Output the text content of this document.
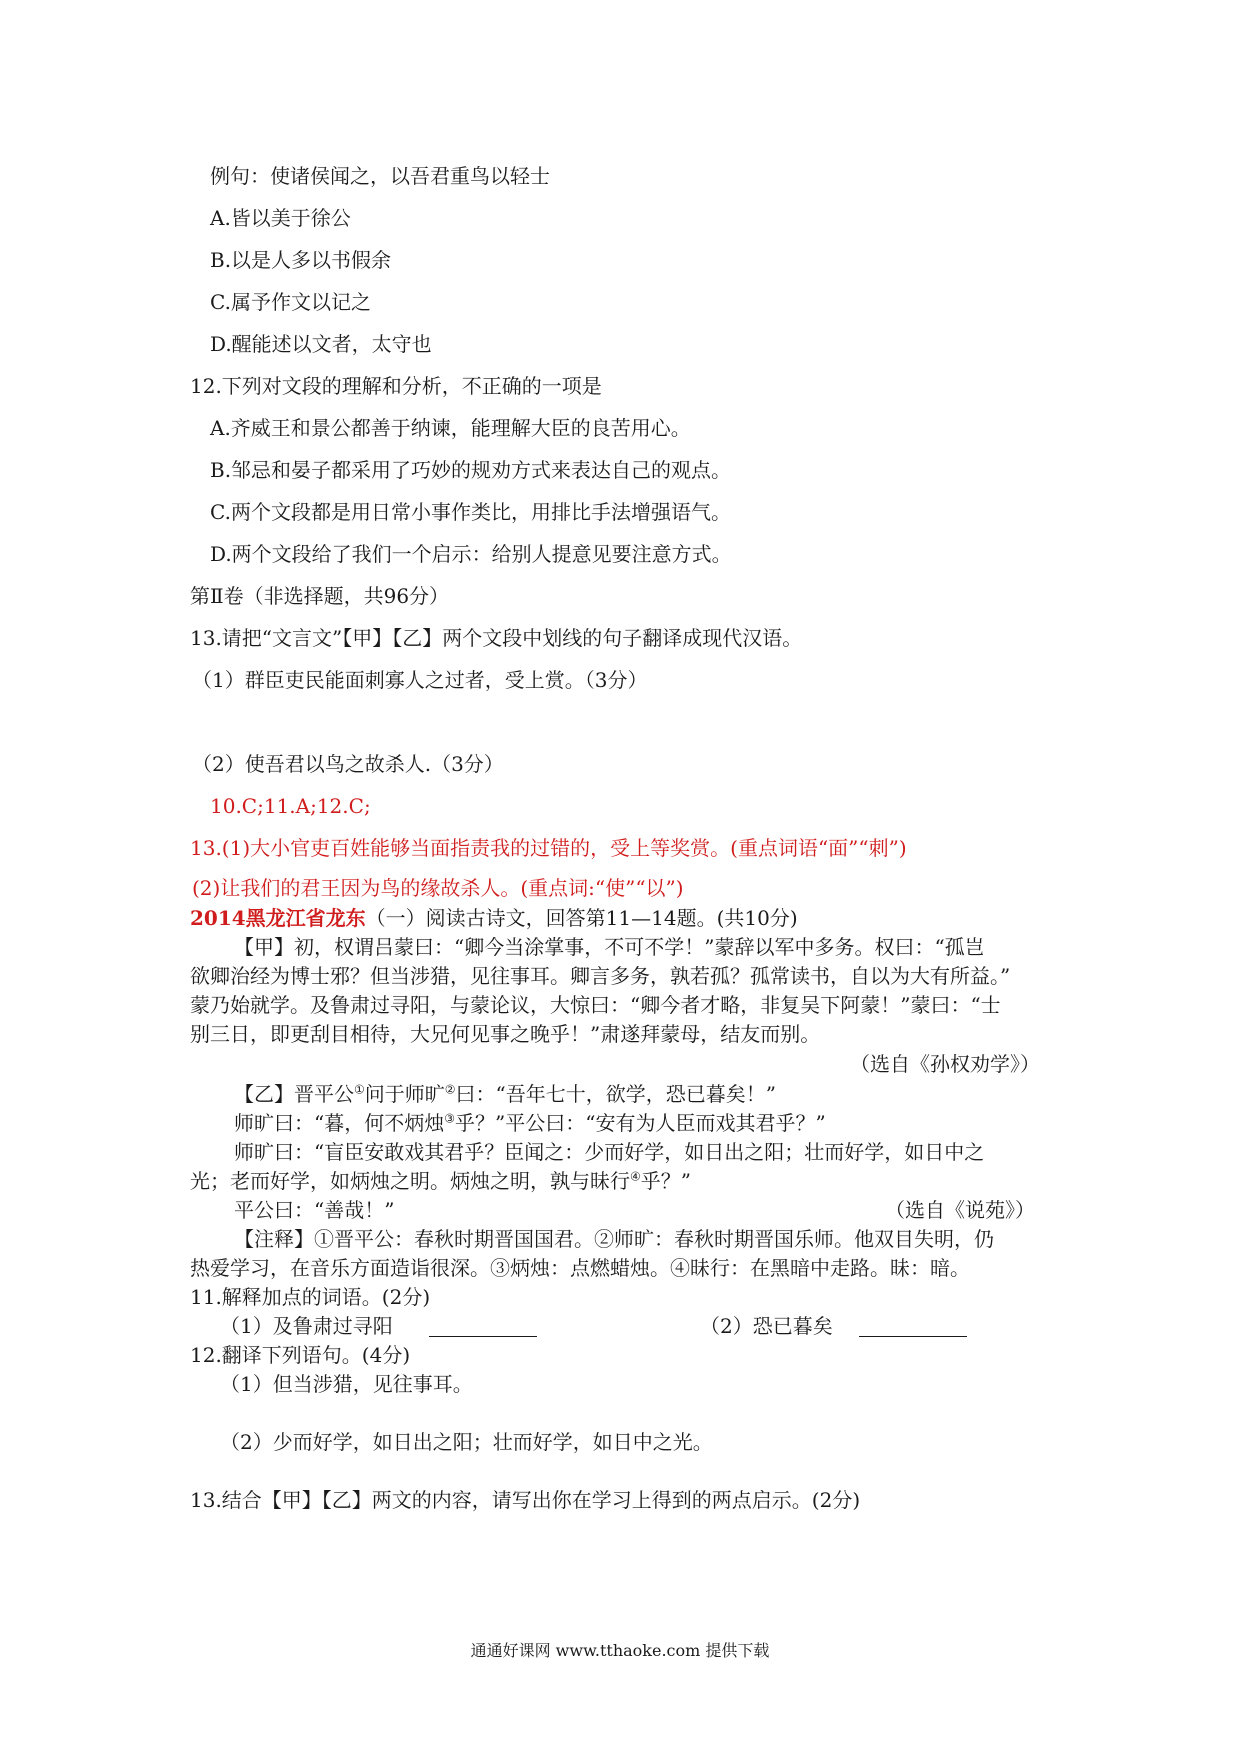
例句：使诸侯闻之，以吾君重鸟以轻士
A.皆以美于徐公
B.以是人多以书假余
C.属予作文以记之
D.醒能述以文者，太守也
12.下列对文段的理解和分析，不正确的一项是
A.齐威王和景公都善于纳谏，能理解大臣的良苦用心。
B.邹忌和晏子都采用了巧妙的规劝方式来表达自己的观点。
C.两个文段都是用日常小事作类比，用排比手法增强语气。
D.两个文段给了我们一个启示：给别人提意见要注意方式。
第Ⅱ卷（非选择题，共96分）
13.请把“文言文”【甲】【乙】两个文段中划线的句子翻译成现代汉语。
（1）群臣吏民能面刺寡人之过者，受上赏。（3分）
（2）使吾君以鸟之故杀人.（3分）
10.C;11.A;12.C;
13.(1)大小官吏百姓能够当面指责我的过错的，受上等奖赏。(重点词语“面”“刺”)
(2)让我们的君王因为鸟的缘故杀人。(重点词:“使”“以”)
2014黑龙江省龙东（一）阅读古诗文，回答第11—14题。(共10分)
【甲】初，权谓吕蒙曰：“卿今当涂掌事，不可不学！”蒙辞以军中多务。权曰：“孤岂
欲卿治经为博士邪？但当涉猎，见往事耳。卿言多务，孰若孤？孤常读书，自以为大有所益。”
蒙乃始就学。及鲁肃过寻阳，与蒙论议，大惊曰：“卿今者才略，非复吴下阿蒙！”蒙曰：“士
别三日，即更刮目相待，大兄何见事之晚乎！”肃遂拜蒙母，结友而别。
（选自《孙权劝学》）
【乙】晋平公①问于师旷②曰：“吾年七十，欲学，恐已暮矣！”
师旷曰：“暮，何不炳烛③乎？”平公曰：“安有为人臣而戏其君乎？”
师旷曰：“盲臣安敢戏其君乎？臣闻之：少而好学，如日出之阳；壮而好学，如日中之
光；老而好学，如炳烛之明。炳烛之明，孰与昧行④乎？”
平公曰：“善哉！”	（选自《说苑》）
【注释】①晋平公：春秋时期晋国国君。②师旷：春秋时期晋国乐师。他双目失明，仍
热爱学习，在音乐方面造诣很深。③炳烛：点燃蜡烛。④昧行：在黑暗中走路。昧：暗。
11.解释加点的词语。(2分)
（1）及鲁肃过寻阳	（2）恐已暮矣
12.翻译下列语句。(4分)
（1）但当涉猎，见往事耳。
（2）少而好学，如日出之阳；壮而好学，如日中之光。
13.结合【甲】【乙】两文的内容，请写出你在学习上得到的两点启示。(2分)
通通好课网 www.tthaoke.com 提供下载
